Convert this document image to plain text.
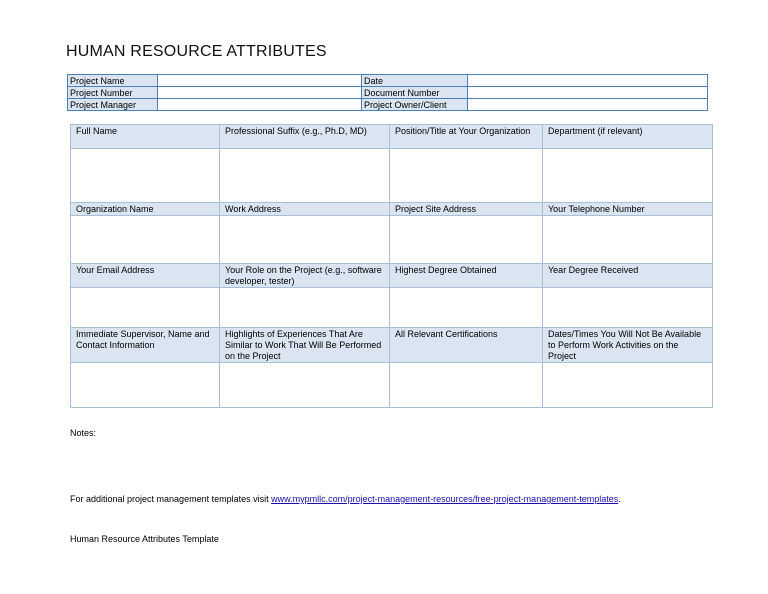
HUMAN RESOURCE ATTRIBUTES
Project Name		Date	
Project Number		Document Number	
Project Manager		Project Owner/Client	
Full Name	Professional Suffix (e.g., Ph.D, MD)	Position/Title at Your Organization	Department (if relevant)

Organization Name	Work Address	Project Site Address	Your Telephone Number

Your Email Address	Your Role on the Project (e.g., software developer, tester)	Highest Degree Obtained	Year Degree Received

Immediate Supervisor, Name and Contact Information	Highlights of Experiences That Are Similar to Work That Will Be Performed on the Project	All Relevant Certifications	Dates/Times You Will Not Be Available to Perform Work Activities on the Project

Notes:
For additional project management templates visit www.mypmllc.com/project-management-resources/free-project-management-templates.
Human Resource Attributes Template
